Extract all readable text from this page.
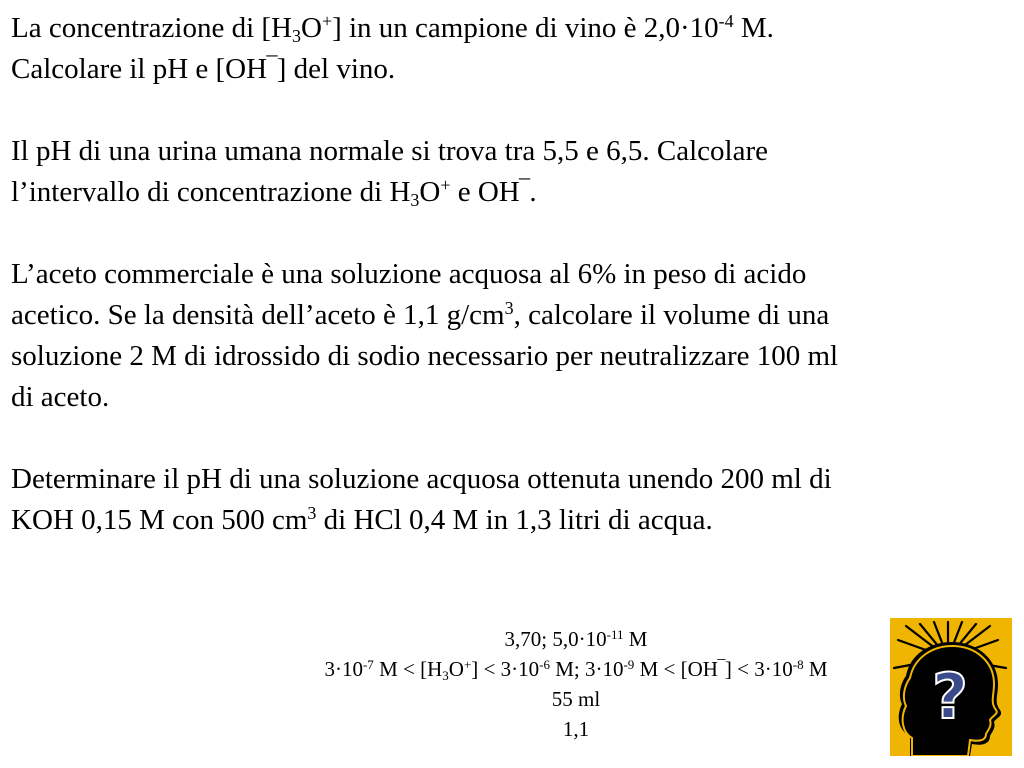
La concentrazione di $[H_3O^+]$ in un campione di vino è $2,0\cdot 10^{-4}$ M.
Calcolare il pH e [OH‾] del vino.
Il pH di una urina umana normale si trova tra 5,5 e 6,5. Calcolare
l’intervallo di concentrazione di $H_3O^+$ e OH‾.
L’aceto commerciale è una soluzione acquosa al 6% in peso di acido
acetico. Se la densità dell’aceto è 1,1 $g/cm^3$, calcolare il volume di una
soluzione 2 M di idrossido di sodio necessario per neutralizzare 100 ml
di aceto.
Determinare il pH di una soluzione acquosa ottenuta unendo 200 ml di
KOH 0,15 M con 500 $cm^3$ di HCl 0,4 M in 1,3 litri di acqua.
3,70; $5,0\cdot 10^{-11}$ M
$3\cdot 10^{-7}$ $M < [H_3O^+] < 3\cdot 10^{-6}$ M; $3\cdot 10^{-9}$ M < [OH‾] < $3\cdot 10^{-8}$ M
55 ml
1,1	?
